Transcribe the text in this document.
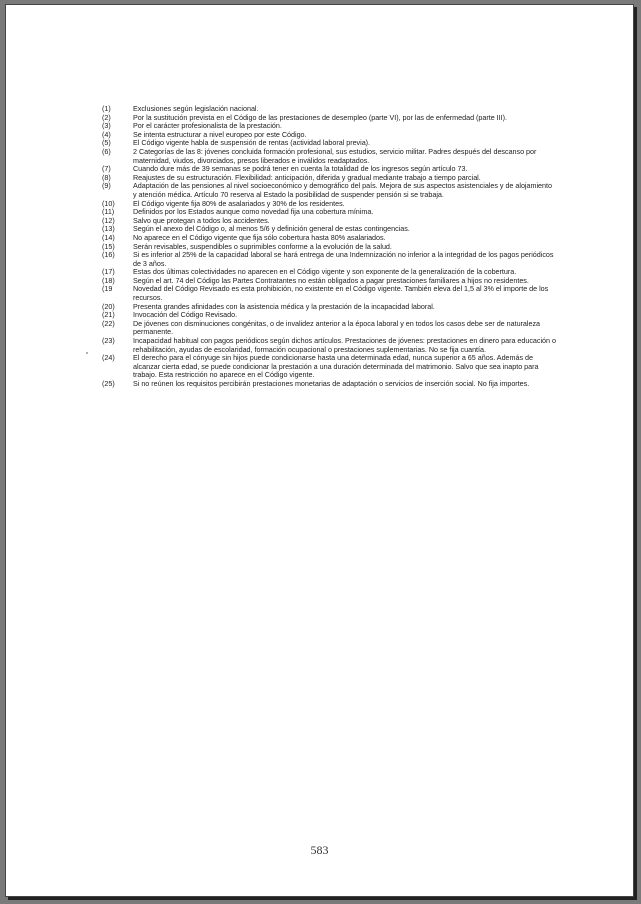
(1)	Exclusiones según legislación nacional.
(2)	Por la sustitución prevista en el Código de las prestaciones de desempleo (parte VI), por las de enfermedad (parte III).
(3)	Por el carácter profesionalista de la prestación.
(4)	Se intenta estructurar a nivel europeo por este Código.
(5)	El Código vigente habla de suspensión de rentas (actividad laboral previa).
(6)	2 Categorías de las 8: jóvenes concluida formación profesional, sus estudios, servicio militar. Padres después del descanso por maternidad, viudos, divorciados, presos liberados e inválidos readaptados.
(7)	Cuando dure más de 39 semanas se podrá tener en cuenta la totalidad de los ingresos según artículo 73.
(8)	Reajustes de su estructuración. Flexibilidad: anticipación, diferida y gradual mediante trabajo a tiempo parcial.
(9)	Adaptación de las pensiones al nivel socioeconómico y demográfico del país. Mejora de sus aspectos asistenciales y de alojamiento y atención médica. Artículo 70 reserva al Estado la posibilidad de suspender pensión si se trabaja.
(10)	El Código vigente fija 80% de asalariados y 30% de los residentes.
(11)	Definidos por los Estados aunque como novedad fija una cobertura mínima.
(12)	Salvo que protegan a todos los accidentes.
(13)	Según el anexo del Código o, al menos 5/6 y definición general de estas contingencias.
(14)	No aparece en el Código vigente que fija sólo cobertura hasta 80% asalariados.
(15)	Serán revisables, suspendibles o suprimibles conforme a la evolución de la salud.
(16)	Si es inferior al 25% de la capacidad laboral se hará entrega de una Indemnización no inferior a la integridad de los pagos periódicos de 3 años.
(17)	Estas dos últimas colectividades no aparecen en el Código vigente y son exponente de la generalización de la cobertura.
(18)	Según el art. 74 del Código las Partes Contratantes no están obligados a pagar prestaciones familiares a hijos no residentes.
(19	Novedad del Código Revisado es esta prohibición, no existente en el Código vigente. También eleva del 1,5 al 3% el importe de los recursos.
(20)	Presenta grandes afinidades con la asistencia médica y la prestación de la incapacidad laboral.
(21)	Invocación del Código Revisado.
(22)	De jóvenes con disminuciones congénitas, o de invalidez anterior a la época laboral y en todos los casos debe ser de naturaleza permanente.
(23)	Incapacidad habitual con pagos periódicos según dichos artículos. Prestaciones de jóvenes: prestaciones en dinero para educación o rehabilitación, ayudas de escolaridad, formación ocupacional o prestaciones suplementarias. No se fija cuantía.
(24)	El derecho para el cónyuge sin hijos puede condicionarse hasta una determinada edad, nunca superior a 65 años. Además de alcanzar cierta edad, se puede condicionar la prestación a una duración determinada del matrimonio. Salvo que sea inapto para trabajo. Esta restricción no aparece en el Código vigente.
(25)	Si no reúnen los requisitos percibirán prestaciones monetarias de adaptación o servicios de inserción social. No fija importes.
583
